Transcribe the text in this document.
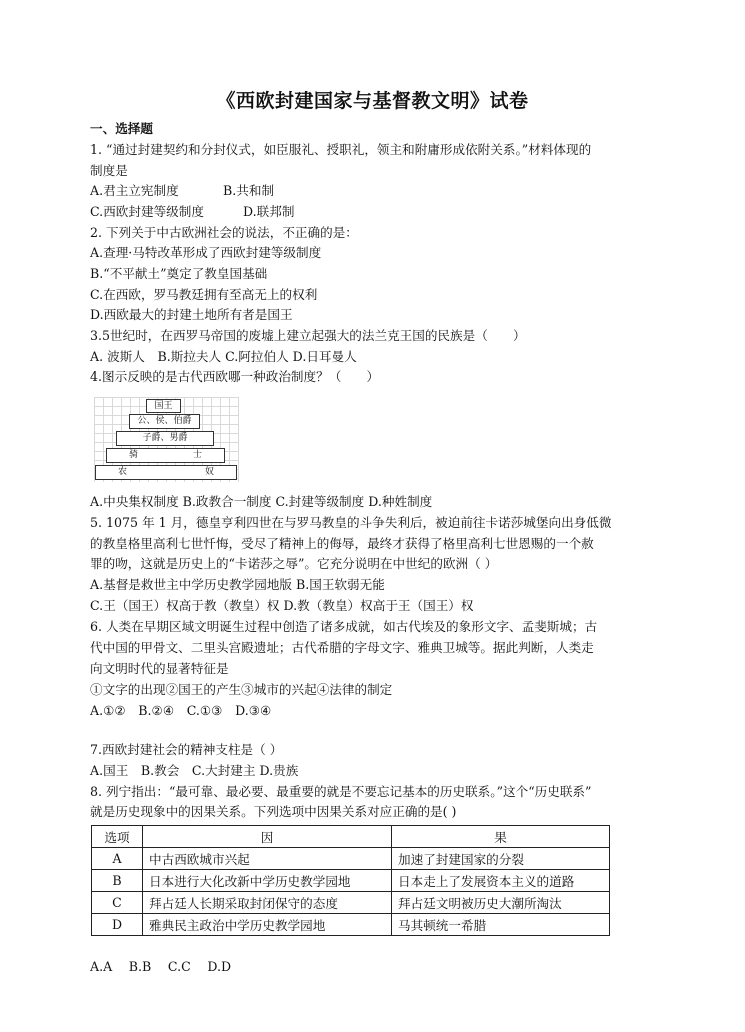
《西欧封建国家与基督教文明》试卷
一、选择题
1. “通过封建契约和分封仪式，如臣服礼、授职礼，领主和附庸形成依附关系。”材料体现的
制度是
A.君主立宪制度	B.共和制
C.西欧封建等级制度	D.联邦制
2. 下列关于中古欧洲社会的说法，不正确的是：
A.查理·马特改革形成了西欧封建等级制度
B.“不平献土”奠定了教皇国基础
C.在西欧，罗马教廷拥有至高无上的权利
D.西欧最大的封建土地所有者是国王
3.5世纪时，在西罗马帝国的废墟上建立起强大的法兰克王国的民族是（　　）
A. 波斯人　B.斯拉夫人 C.阿拉伯人 D.日耳曼人
4.图示反映的是古代西欧哪一种政治制度？（　　）
国王
公、侯、伯爵
子爵、男爵
骑	士
农	奴
A.中央集权制度 B.政教合一制度 C.封建等级制度 D.种姓制度
5. 1075 年 1 月，德皇亨利四世在与罗马教皇的斗争失利后，被迫前往卡诺莎城堡向出身低微
的教皇格里高利七世忏悔，受尽了精神上的侮辱，最终才获得了格里高利七世恩赐的一个赦
罪的吻，这就是历史上的“卡诺莎之辱”。它充分说明在中世纪的欧洲（ ）
A.基督是救世主中学历史教学园地版 B.国王软弱无能
C.王（国王）权高于教（教皇）权 D.教（教皇）权高于王（国王）权
6. 人类在早期区域文明诞生过程中创造了诸多成就，如古代埃及的象形文字、孟斐斯城；古
代中国的甲骨文、二里头宫殿遗址；古代希腊的字母文字、雅典卫城等。据此判断，人类走
向文明时代的显著特征是
①文字的出现②国王的产生③城市的兴起④法律的制定
A.①②　B.②④　C.①③　D.③④
7.西欧封建社会的精神支柱是（ ）
A.国王　B.教会　C.大封建主 D.贵族
8. 列宁指出：“最可靠、最必要、最重要的就是不要忘记基本的历史联系。”这个“历史联系”
就是历史现象中的因果关系。下列选项中因果关系对应正确的是( )
选项	因	果
A	中古西欧城市兴起	加速了封建国家的分裂
B	日本进行大化改新中学历史教学园地	日本走上了发展资本主义的道路
C	拜占廷人长期采取封闭保守的态度	拜占廷文明被历史大潮所淘汰
D	雅典民主政治中学历史教学园地	马其顿统一希腊
A.A　 B.B　 C.C　 D.D
